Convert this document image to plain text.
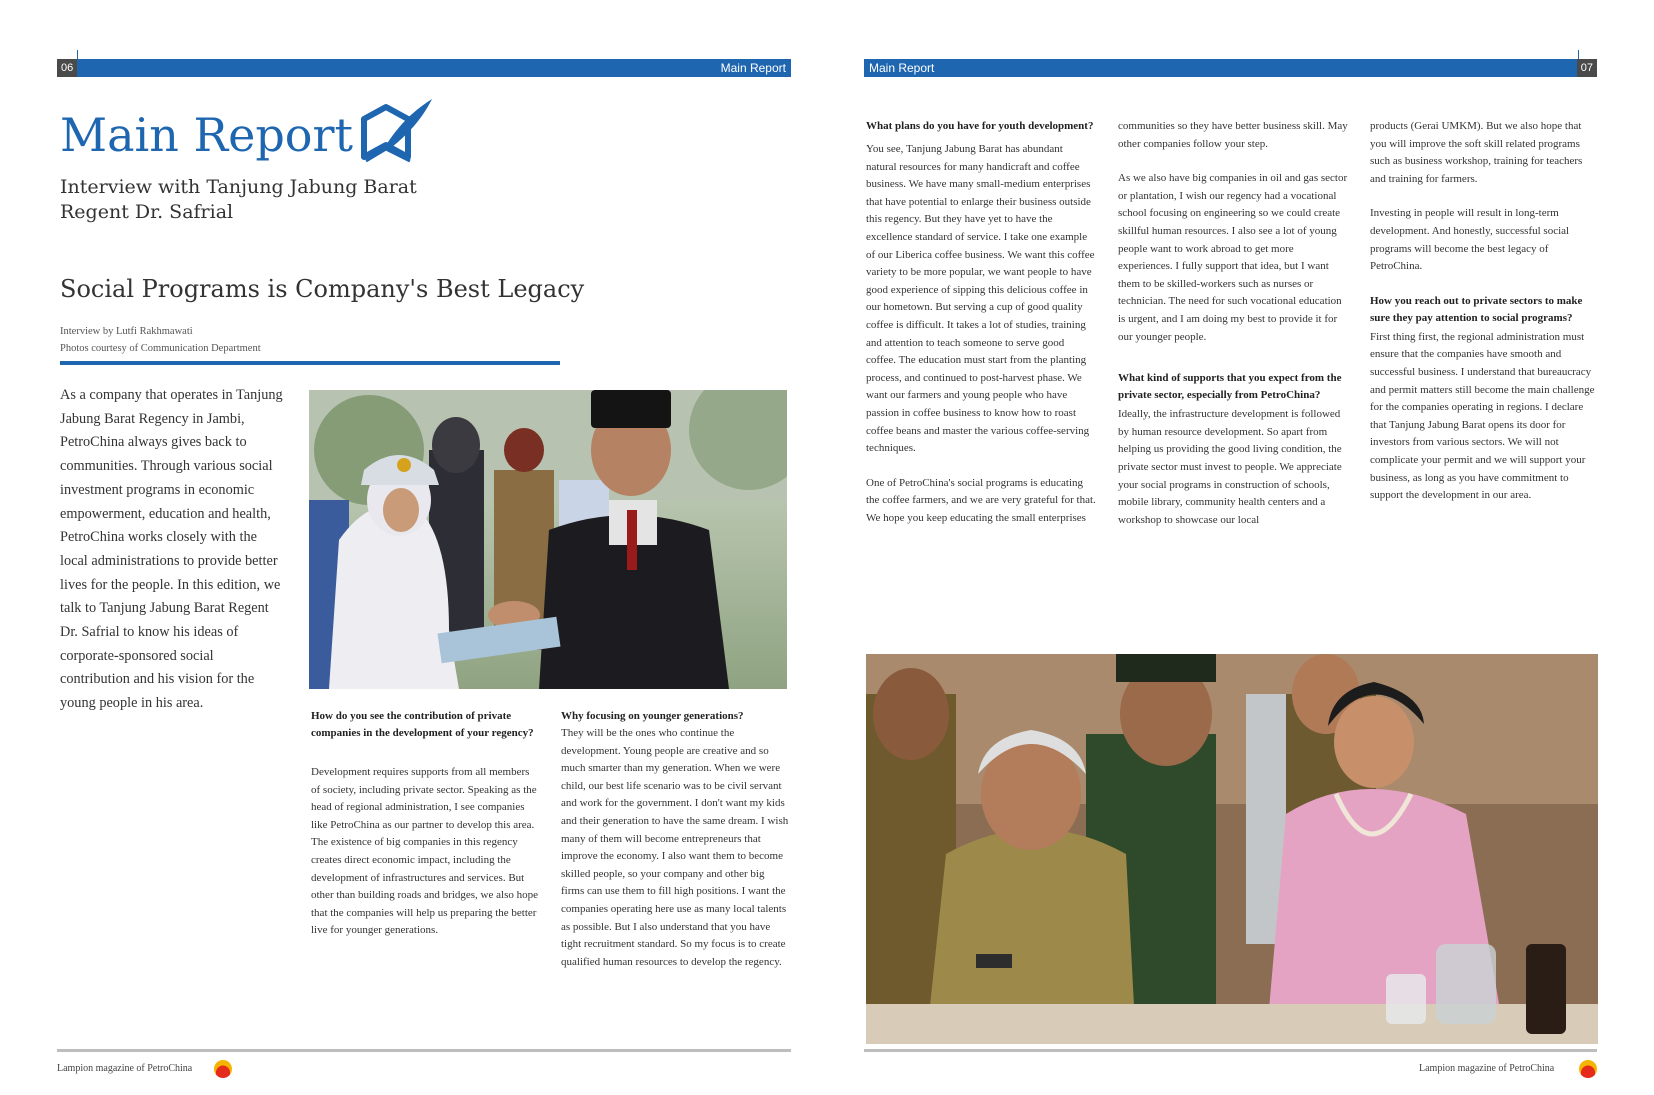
06	Main Report
Main Report
Interview with Tanjung Jabung Barat
Regent Dr. Safrial
Social Programs is Company's Best Legacy
Interview by Lutfi Rakhmawati
Photos courtesy of Communication Department
As a company that operates in Tanjung Jabung Barat Regency in Jambi, PetroChina always gives back to communities. Through various social investment programs in economic empowerment, education and health, PetroChina works closely with the local administrations to provide better lives for the people. In this edition, we talk to Tanjung Jabung Barat Regent Dr. Safrial to know his ideas of corporate-sponsored social contribution and his vision for the young people in his area.
How do you see the contribution of private companies in the development of your regency?
Development requires supports from all members of society, including private sector. Speaking as the head of regional administration, I see companies like PetroChina as our partner to develop this area. The existence of big companies in this regency creates direct economic impact, including the development of infrastructures and services. But other than building roads and bridges, we also hope that the companies will help us preparing the better live for younger generations.
Why focusing on younger generations?
They will be the ones who continue the development. Young people are creative and so much smarter than my generation. When we were child, our best life scenario was to be civil servant and work for the government. I don't want my kids and their generation to have the same dream. I wish many of them will become entrepreneurs that improve the economy. I also want them to become skilled people, so your company and other big firms can use them to fill high positions. I want the companies operating here use as many local talents as possible. But I also understand that you have tight recruitment standard. So my focus is to create qualified human resources to develop the regency.
Lampion magazine of PetroChina
Main Report	07
What plans do you have for youth development?

You see, Tanjung Jabung Barat has abundant natural resources for many handicraft and coffee business. We have many small-medium enterprises that have potential to enlarge their business outside this regency. But they have yet to have the excellence standard of service. I take one example of our Liberica coffee business. We want this coffee variety to be more popular, we want people to have good experience of sipping this delicious coffee in our hometown. But serving a cup of good quality coffee is difficult. It takes a lot of studies, training and attention to teach someone to serve good coffee. The education must start from the planting process, and continued to post-harvest phase. We want our farmers and young people who have passion in coffee business to know how to roast coffee beans and master the various coffee-serving techniques.

One of PetroChina's social programs is educating the coffee farmers, and we are very grateful for that. We hope you keep educating the small enterprises

communities so they have better business skill. May other companies follow your step.

As we also have big companies in oil and gas sector or plantation, I wish our regency had a vocational school focusing on engineering so we could create skillful human resources. I also see a lot of young people want to work abroad to get more experiences. I fully support that idea, but I want them to be skilled-workers such as nurses or technician. The need for such vocational education is urgent, and I am doing my best to provide it for our younger people.

What kind of supports that you expect from the private sector, especially from PetroChina?

Ideally, the infrastructure development is followed by human resource development. So apart from helping us providing the good living condition, the private sector must invest to people. We appreciate your social programs in construction of schools, mobile library, community health centers and a workshop to showcase our local

products (Gerai UMKM). But we also hope that you will improve the soft skill related programs such as business workshop, training for teachers and training for farmers.

Investing in people will result in long-term development. And honestly, successful social programs will become the best legacy of PetroChina.

How you reach out to private sectors to make sure they pay attention to social programs?

First thing first, the regional administration must ensure that the companies have smooth and successful business. I understand that bureaucracy and permit matters still become the main challenge for the companies operating in regions. I declare that Tanjung Jabung Barat opens its door for investors from various sectors. We will not complicate your permit and we will support your business, as long as you have commitment to support the development in our area.

Lampion magazine of PetroChina
